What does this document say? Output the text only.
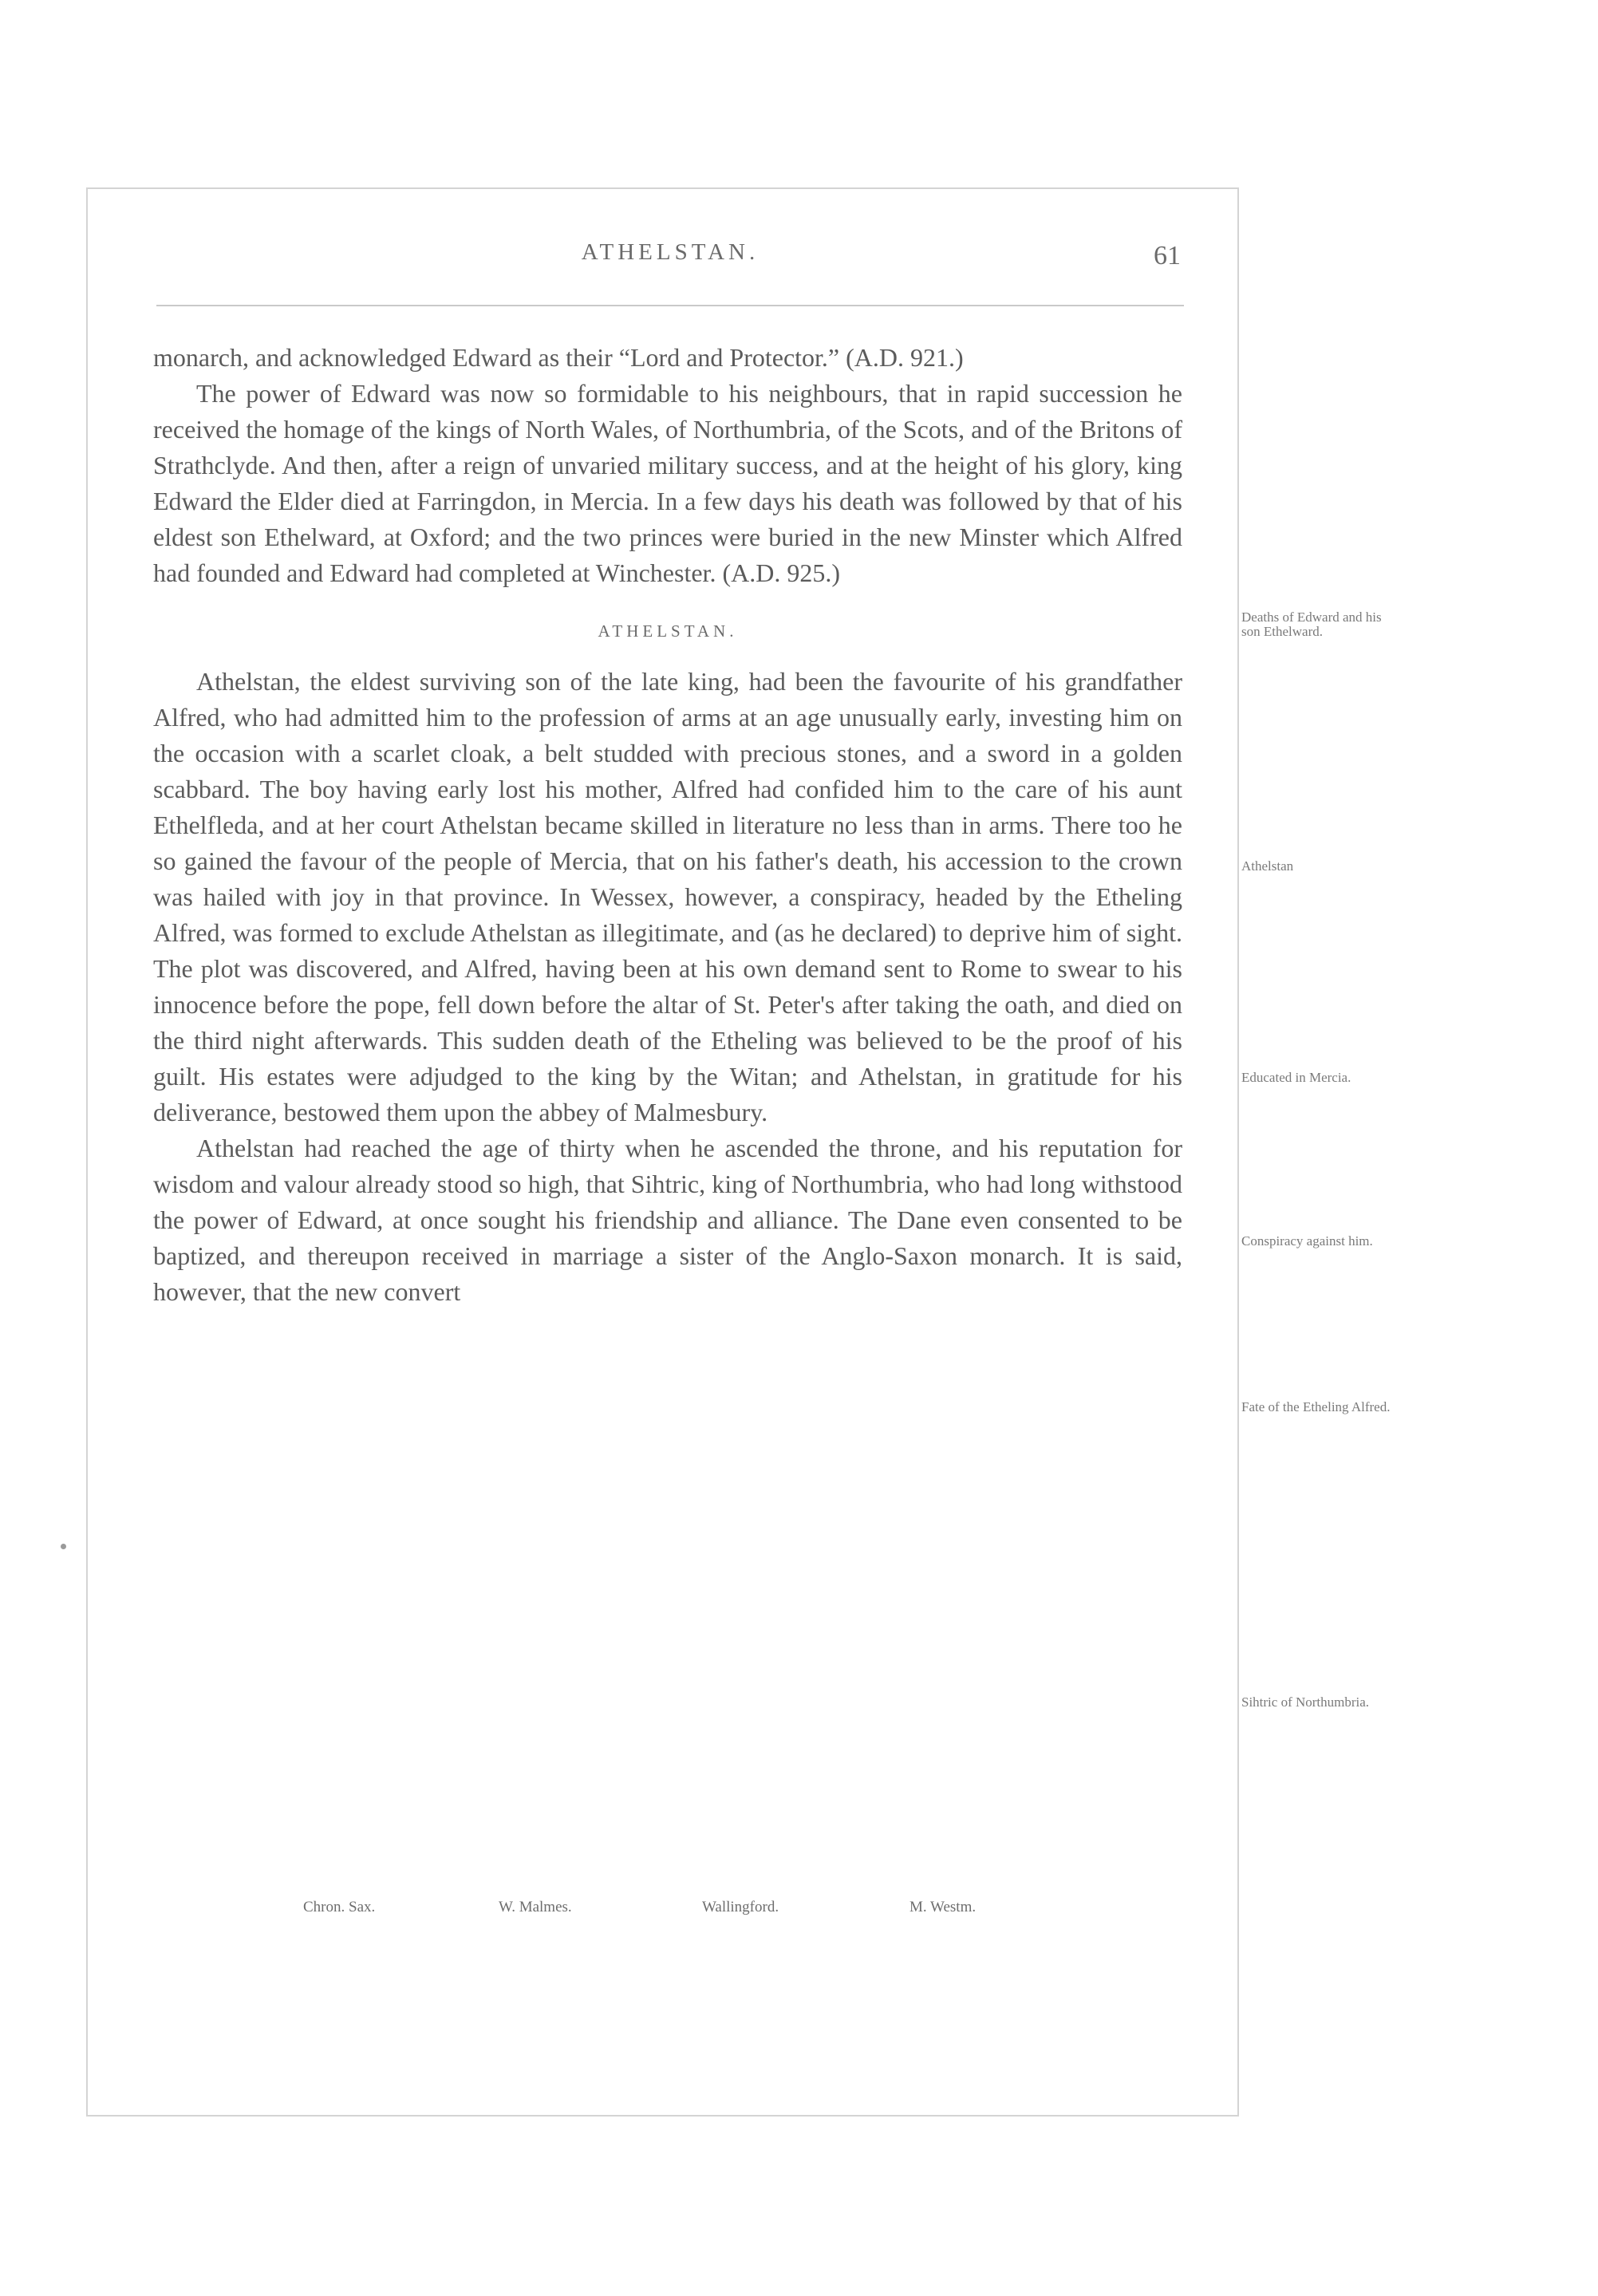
ATHELSTAN.	61

monarch, and acknowledged Edward as their “Lord and Protector.” (A.D. 921.)

The power of Edward was now so formidable to his neighbours, that in rapid succession he received the homage of the kings of North Wales, of Northumbria, of the Scots, and of the Britons of Strathclyde. And then, after a reign of unvaried military success, and at the height of his glory, king Edward the Elder died at Farringdon, in Mercia. In a few days his death was followed by that of his eldest son Ethelward, at Oxford; and the two princes were buried in the new Minster which Alfred had founded and Edward had completed at Winchester. (A.D. 925.)

ATHELSTAN.

Athelstan, the eldest surviving son of the late king, had been the favourite of his grandfather Alfred, who had admitted him to the profession of arms at an age unusually early, investing him on the occasion with a scarlet cloak, a belt studded with precious stones, and a sword in a golden scabbard. The boy having early lost his mother, Alfred had confided him to the care of his aunt Ethelfleda, and at her court Athelstan became skilled in literature no less than in arms. There too he so gained the favour of the people of Mercia, that on his father's death, his accession to the crown was hailed with joy in that province. In Wessex, however, a conspiracy, headed by the Etheling Alfred, was formed to exclude Athelstan as illegitimate, and (as he declared) to deprive him of sight. The plot was discovered, and Alfred, having been at his own demand sent to Rome to swear to his innocence before the pope, fell down before the altar of St. Peter's after taking the oath, and died on the third night afterwards. This sudden death of the Etheling was believed to be the proof of his guilt. His estates were adjudged to the king by the Witan; and Athelstan, in gratitude for his deliverance, bestowed them upon the abbey of Malmesbury.

Athelstan had reached the age of thirty when he ascended the throne, and his reputation for wisdom and valour already stood so high, that Sihtric, king of Northumbria, who had long withstood the power of Edward, at once sought his friendship and alliance. The Dane even consented to be baptized, and thereupon received in marriage a sister of the Anglo-Saxon monarch. It is said, however, that the new convert

Deaths of Edward and his son Ethelward.
Athelstan
Educated in Mercia.
Conspiracy against him.
Fate of the Etheling Alfred.
Sihtric of Northumbria.
Chron. Sax.	W. Malmes.	Wallingford.	M. Westm.
